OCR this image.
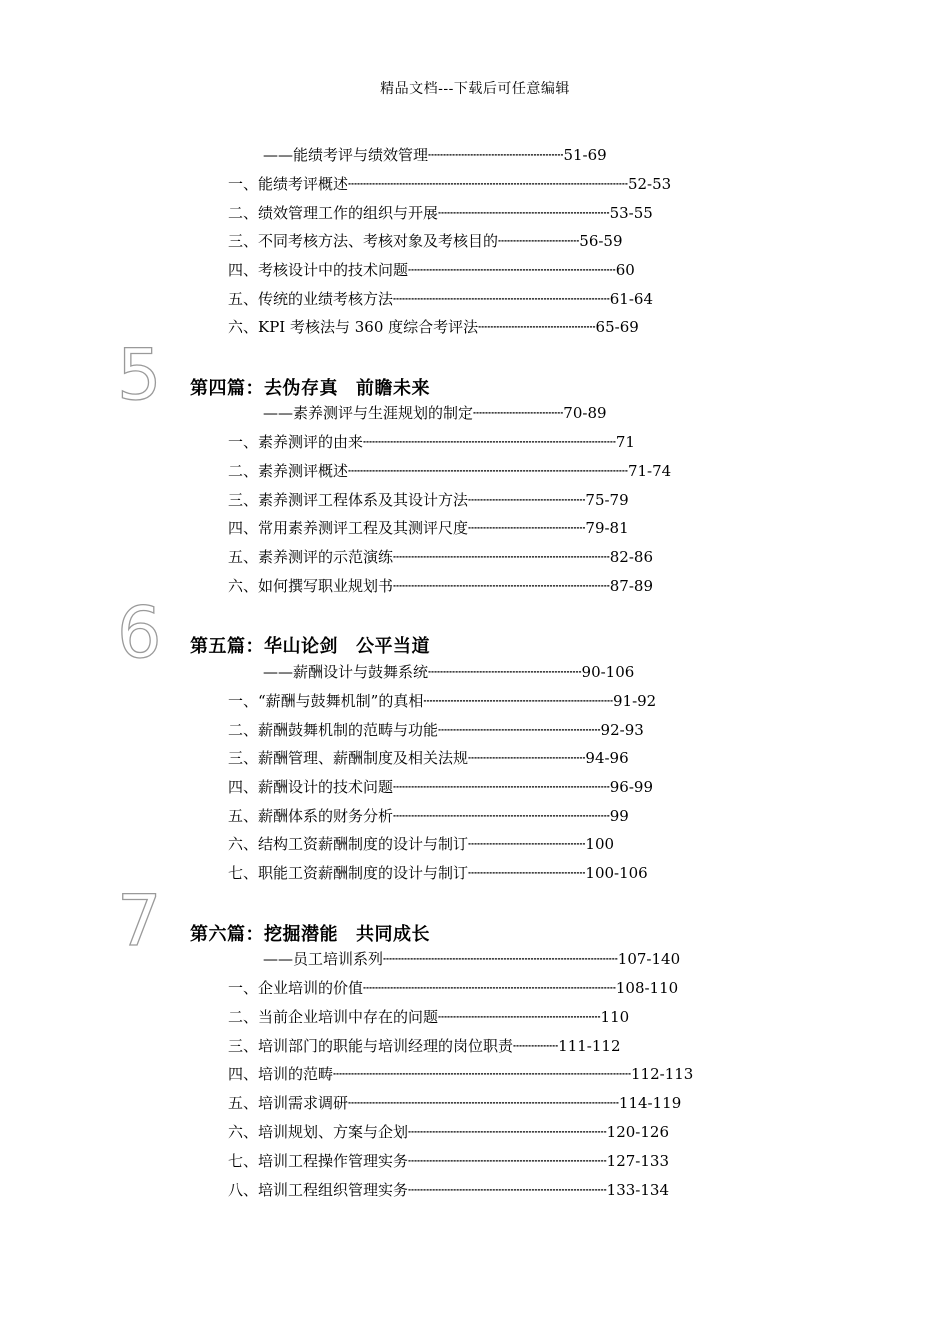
精品文档---下载后可任意编辑
——能绩考评与绩效管理┄┄┄┄┄┄┄┄┄┄┄┄┄┄┄51-69
一、能绩考评概述┄┄┄┄┄┄┄┄┄┄┄┄┄┄┄┄┄┄┄┄┄┄┄┄┄┄┄┄┄┄┄52-53
二、绩效管理工作的组织与开展┄┄┄┄┄┄┄┄┄┄┄┄┄┄┄┄┄┄┄53-55
三、不同考核方法、考核对象及考核目的┄┄┄┄┄┄┄┄┄56-59
四、考核设计中的技术问题┄┄┄┄┄┄┄┄┄┄┄┄┄┄┄┄┄┄┄┄┄┄┄60
五、传统的业绩考核方法┄┄┄┄┄┄┄┄┄┄┄┄┄┄┄┄┄┄┄┄┄┄┄┄61-64
六、KPI 考核法与 360 度综合考评法┄┄┄┄┄┄┄┄┄┄┄┄┄65-69
5 第四篇：去伪存真 前瞻未来
——素养测评与生涯规划的制定┄┄┄┄┄┄┄┄┄┄70-89
一、素养测评的由来┄┄┄┄┄┄┄┄┄┄┄┄┄┄┄┄┄┄┄┄┄┄┄┄┄┄┄┄71
二、素养测评概述┄┄┄┄┄┄┄┄┄┄┄┄┄┄┄┄┄┄┄┄┄┄┄┄┄┄┄┄┄┄┄71-74
三、素养测评工程体系及其设计方法┄┄┄┄┄┄┄┄┄┄┄┄┄75-79
四、常用素养测评工程及其测评尺度┄┄┄┄┄┄┄┄┄┄┄┄┄79-81
五、素养测评的示范演练┄┄┄┄┄┄┄┄┄┄┄┄┄┄┄┄┄┄┄┄┄┄┄┄82-86
六、如何撰写职业规划书┄┄┄┄┄┄┄┄┄┄┄┄┄┄┄┄┄┄┄┄┄┄┄┄87-89
6 第五篇：华山论剑 公平当道
——薪酬设计与鼓舞系统┄┄┄┄┄┄┄┄┄┄┄┄┄┄┄┄┄90-106
一、“薪酬与鼓舞机制”的真相┄┄┄┄┄┄┄┄┄┄┄┄┄┄┄┄┄┄┄┄┄91-92
二、薪酬鼓舞机制的范畴与功能┄┄┄┄┄┄┄┄┄┄┄┄┄┄┄┄┄┄92-93
三、薪酬管理、薪酬制度及相关法规┄┄┄┄┄┄┄┄┄┄┄┄┄94-96
四、薪酬设计的技术问题┄┄┄┄┄┄┄┄┄┄┄┄┄┄┄┄┄┄┄┄┄┄┄┄96-99
五、薪酬体系的财务分析┄┄┄┄┄┄┄┄┄┄┄┄┄┄┄┄┄┄┄┄┄┄┄┄99
六、结构工资薪酬制度的设计与制订┄┄┄┄┄┄┄┄┄┄┄┄┄100
七、职能工资薪酬制度的设计与制订┄┄┄┄┄┄┄┄┄┄┄┄┄100-106
7 第六篇：挖掘潜能 共同成长
——员工培训系列┄┄┄┄┄┄┄┄┄┄┄┄┄┄┄┄┄┄┄┄┄┄┄┄┄┄107-140
一、企业培训的价值┄┄┄┄┄┄┄┄┄┄┄┄┄┄┄┄┄┄┄┄┄┄┄┄┄┄┄┄108-110
二、当前企业培训中存在的问题┄┄┄┄┄┄┄┄┄┄┄┄┄┄┄┄┄┄110
三、培训部门的职能与培训经理的岗位职责┄┄┄┄┄111-112
四、培训的范畴┄┄┄┄┄┄┄┄┄┄┄┄┄┄┄┄┄┄┄┄┄┄┄┄┄┄┄┄┄┄┄┄┄112-113
五、培训需求调研┄┄┄┄┄┄┄┄┄┄┄┄┄┄┄┄┄┄┄┄┄┄┄┄┄┄┄┄┄┄114-119
六、培训规划、方案与企划┄┄┄┄┄┄┄┄┄┄┄┄┄┄┄┄┄┄┄┄┄┄120-126
七、培训工程操作管理实务┄┄┄┄┄┄┄┄┄┄┄┄┄┄┄┄┄┄┄┄┄┄127-133
八、培训工程组织管理实务┄┄┄┄┄┄┄┄┄┄┄┄┄┄┄┄┄┄┄┄┄┄133-134
